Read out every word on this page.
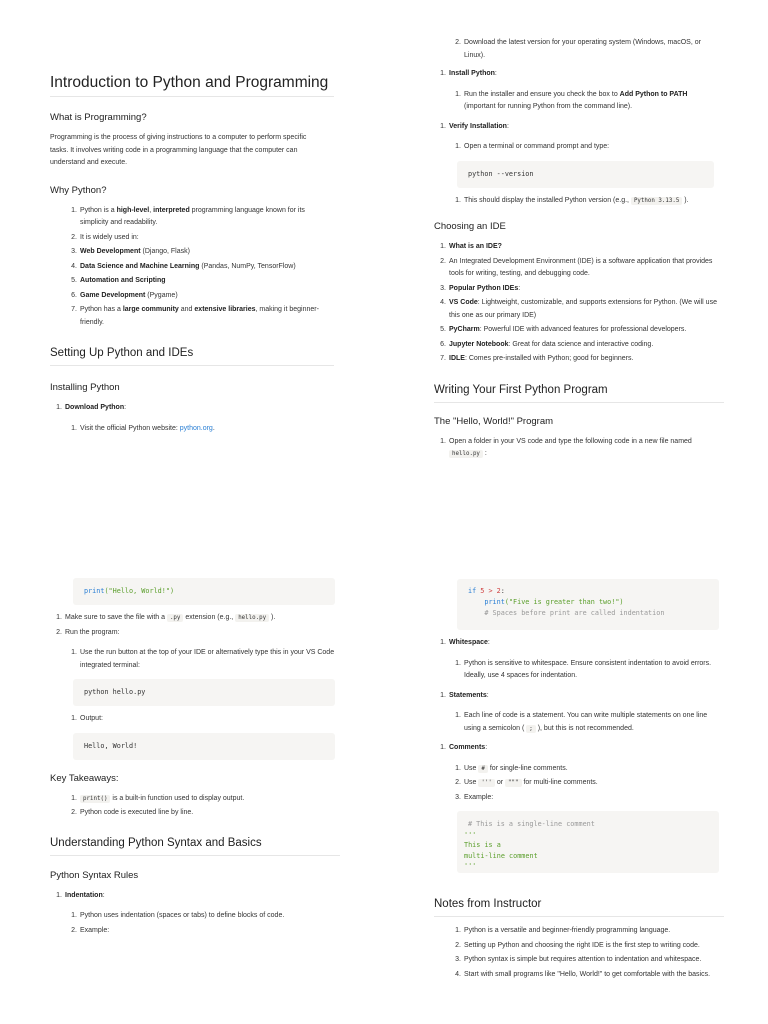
Introduction to Python and Programming
What is Programming?

Programming is the process of giving instructions to a computer to perform specific tasks. It involves writing code in a programming language that the computer can understand and execute.

Why Python?
1. Python is a high-level, interpreted programming language known for its simplicity and readability.
2. It is widely used in:
3. Web Development (Django, Flask)
4. Data Science and Machine Learning (Pandas, NumPy, TensorFlow)
5. Automation and Scripting
6. Game Development (Pygame)
7. Python has a large community and extensive libraries, making it beginner-friendly.
Setting Up Python and IDEs
Installing Python
1. Download Python:
1. Visit the official Python website: python.org.
2. Download the latest version for your operating system (Windows, macOS, or Linux).
1. Install Python:
1. Run the installer and ensure you check the box to Add Python to PATH (important for running Python from the command line).
1. Verify Installation:
1. Open a terminal or command prompt and type:
python --version
1. This should display the installed Python version (e.g., Python 3.13.5 ).
Choosing an IDE
1. What is an IDE?
2. An Integrated Development Environment (IDE) is a software application that provides tools for writing, testing, and debugging code.
3. Popular Python IDEs:
4. VS Code: Lightweight, customizable, and supports extensions for Python. (We will use this one as our primary IDE)
5. PyCharm: Powerful IDE with advanced features for professional developers.
6. Jupyter Notebook: Great for data science and interactive coding.
7. IDLE: Comes pre-installed with Python; good for beginners.
Writing Your First Python Program
The "Hello, World!" Program
1. Open a folder in your VS code and type the following code in a new file named hello.py :
print("Hello, World!")
1. Make sure to save the file with a .py extension (e.g., hello.py ).
2. Run the program:
1. Use the run button at the top of your IDE or alternatively type this in your VS Code integrated terminal:
python hello.py
1. Output:
Hello, World!
Key Takeaways:
1. print() is a built-in function used to display output.
2. Python code is executed line by line.
Understanding Python Syntax and Basics
Python Syntax Rules
1. Indentation:
1. Python uses indentation (spaces or tabs) to define blocks of code.
2. Example:
if 5 > 2:
print("Five is greater than two!")
# Spaces before print are called indentation
1. Whitespace:
1. Python is sensitive to whitespace. Ensure consistent indentation to avoid errors. Ideally, use 4 spaces for indentation.
1. Statements:
1. Each line of code is a statement. You can write multiple statements on one line using a semicolon ( ; ), but this is not recommended.
1. Comments:
1. Use # for single-line comments.
2. Use ''' or """ for multi-line comments.
3. Example:
# This is a single-line comment
'''
This is a
multi-line comment
'''
Notes from Instructor
1. Python is a versatile and beginner-friendly programming language.
2. Setting up Python and choosing the right IDE is the first step to writing code.
3. Python syntax is simple but requires attention to indentation and whitespace.
4. Start with small programs like "Hello, World!" to get comfortable with the basics.
